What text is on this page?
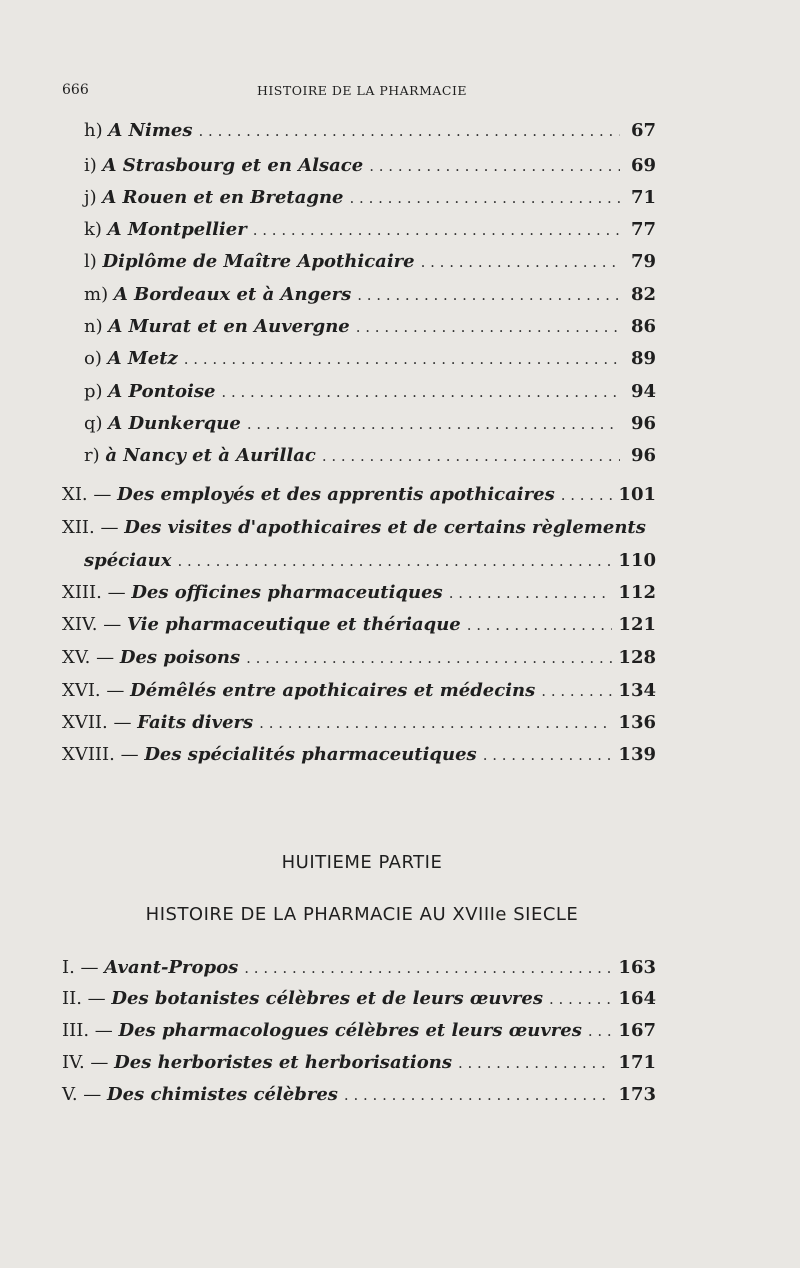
666	HISTOIRE DE LA PHARMACIE
h) A Nimes . . .	67
i) A Strasbourg et en Alsace . . .	69
j) A Rouen et en Bretagne . . .	71
k) A Montpellier . . .	77
l) Diplôme de Maître Apothicaire . . .	79
m) A Bordeaux et à Angers . . .	82
n) A Murat et en Auvergne . . .	86
o) A Metz . . .	89
p) A Pontoise . . .	94
q) A Dunkerque . . .	96
r) à Nancy et à Aurillac . . .	96
XI. — Des employés et des apprentis apothicaires . . .	101
XII. — Des visites d'apothicaires et de certains règlements
spéciaux . . .	110
XIII. — Des officines pharmaceutiques . . .	112
XIV. — Vie pharmaceutique et thériaque . . .	121
XV. — Des poisons . . .	128
XVI. — Démêlés entre apothicaires et médecins . . .	134
XVII. — Faits divers . . .	136
XVIII. — Des spécialités pharmaceutiques . . .	139
I. — Avant-Propos . . .	163
II. — Des botanistes célèbres et de leurs œuvres . . .	164
III. — Des pharmacologues célèbres et leurs œuvres . . . 167
IV. — Des herboristes et herborisations . . .	171
V. — Des chimistes célèbres . . .	173
HUITIEME PARTIE
HISTOIRE DE LA PHARMACIE AU XVIIIe SIECLE
